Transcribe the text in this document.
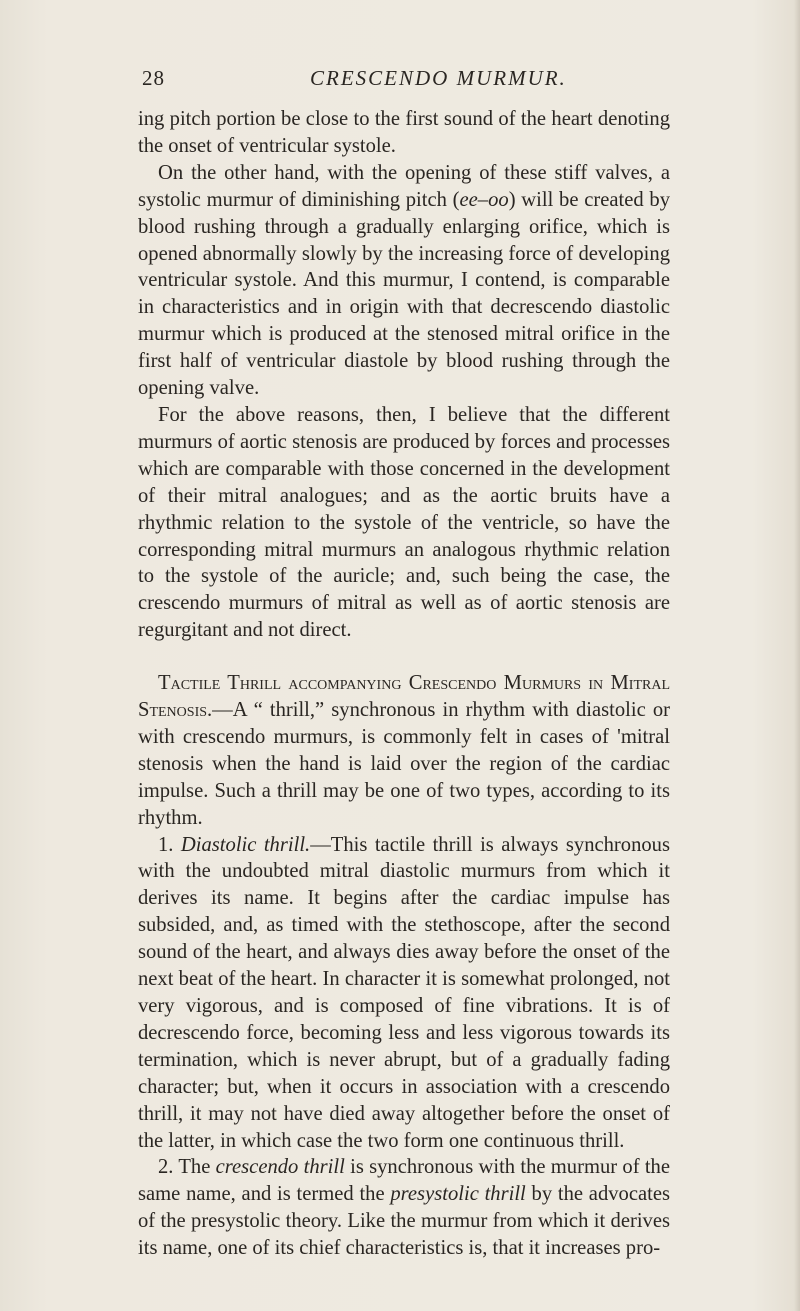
28	CRESCENDO MURMUR.

ing pitch portion be close to the first sound of the heart denoting the onset of ventricular systole.

On the other hand, with the opening of these stiff valves, a systolic murmur of diminishing pitch (ee–oo) will be created by blood rushing through a gradually enlarging orifice, which is opened abnormally slowly by the increasing force of developing ventricular systole. And this murmur, I contend, is comparable in characteristics and in origin with that decrescendo diastolic murmur which is produced at the stenosed mitral orifice in the first half of ventricular diastole by blood rushing through the opening valve.

For the above reasons, then, I believe that the different murmurs of aortic stenosis are produced by forces and processes which are comparable with those concerned in the development of their mitral analogues; and as the aortic bruits have a rhythmic relation to the systole of the ventricle, so have the corresponding mitral murmurs an analogous rhythmic relation to the systole of the auricle; and, such being the case, the crescendo murmurs of mitral as well as of aortic stenosis are regurgitant and not direct.

Tactile Thrill accompanying Crescendo Murmurs in Mitral Stenosis.—A “ thrill,” synchronous in rhythm with diastolic or with crescendo murmurs, is commonly felt in cases of 'mitral stenosis when the hand is laid over the region of the cardiac impulse. Such a thrill may be one of two types, according to its rhythm.

1. Diastolic thrill.—This tactile thrill is always synchronous with the undoubted mitral diastolic murmurs from which it derives its name. It begins after the cardiac impulse has subsided, and, as timed with the stethoscope, after the second sound of the heart, and always dies away before the onset of the next beat of the heart. In character it is somewhat prolonged, not very vigorous, and is composed of fine vibrations. It is of decrescendo force, becoming less and less vigorous towards its termination, which is never abrupt, but of a gradually fading character; but, when it occurs in association with a crescendo thrill, it may not have died away altogether before the onset of the latter, in which case the two form one continuous thrill.

2. The crescendo thrill is synchronous with the murmur of the same name, and is termed the presystolic thrill by the advocates of the presystolic theory. Like the murmur from which it derives its name, one of its chief characteristics is, that it increases pro-
